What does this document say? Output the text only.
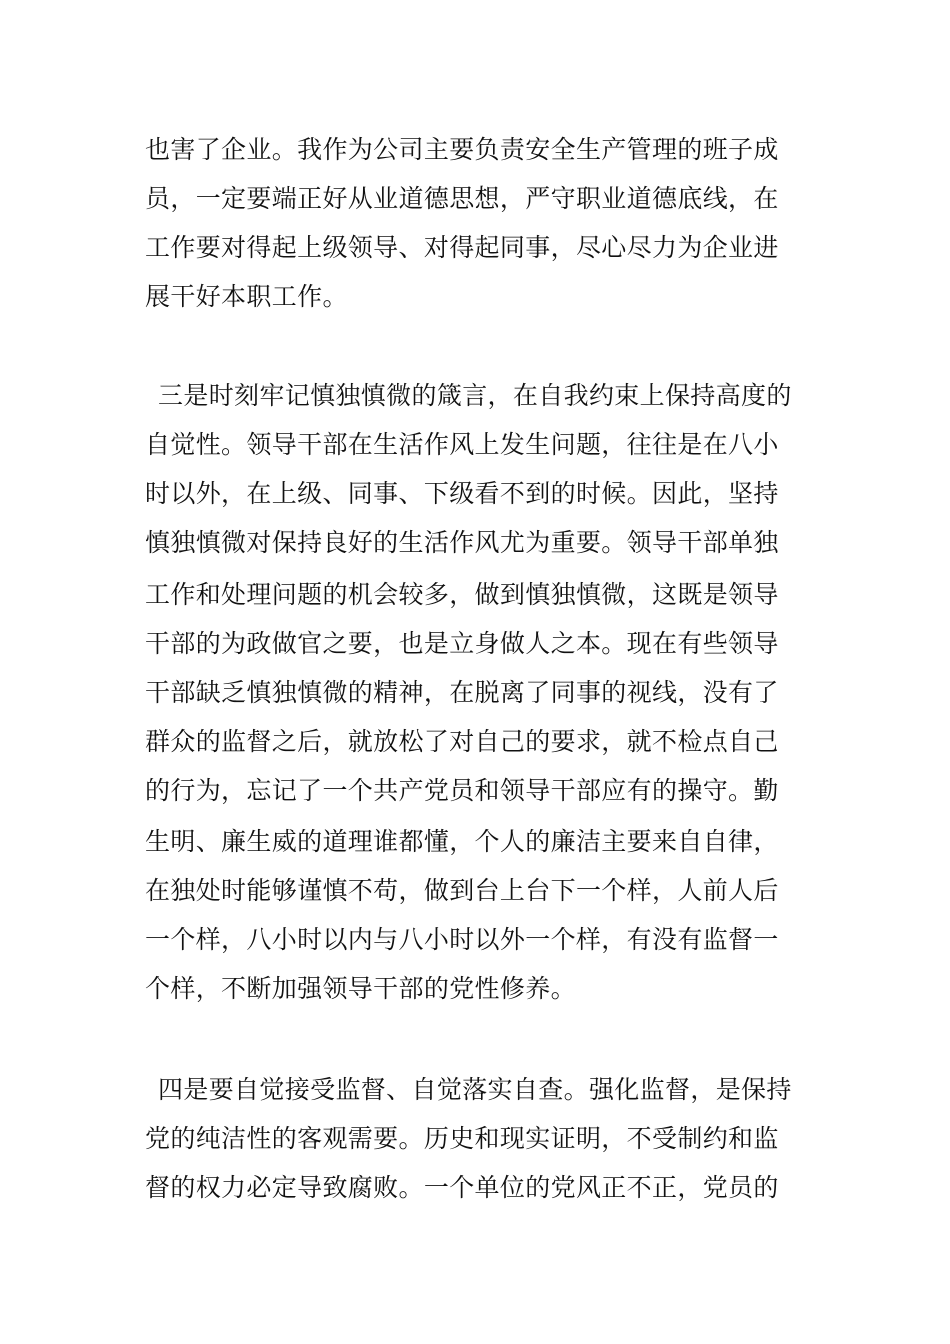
也害了企业。我作为公司主要负责安全生产管理的班子成
员，一定要端正好从业道德思想，严守职业道德底线，在
工作要对得起上级领导、对得起同事，尽心尽力为企业进
展干好本职工作。
三是时刻牢记慎独慎微的箴言，在自我约束上保持高度的
自觉性。领导干部在生活作风上发生问题，往往是在八小
时以外，在上级、同事、下级看不到的时候。因此，坚持
慎独慎微对保持良好的生活作风尤为重要。领导干部单独
工作和处理问题的机会较多，做到慎独慎微，这既是领导
干部的为政做官之要，也是立身做人之本。现在有些领导
干部缺乏慎独慎微的精神，在脱离了同事的视线，没有了
群众的监督之后，就放松了对自己的要求，就不检点自己
的行为，忘记了一个共产党员和领导干部应有的操守。勤
生明、廉生威的道理谁都懂，个人的廉洁主要来自自律，
在独处时能够谨慎不苟，做到台上台下一个样，人前人后
一个样，八小时以内与八小时以外一个样，有没有监督一
个样，不断加强领导干部的党性修养。
四是要自觉接受监督、自觉落实自查。强化监督，是保持
党的纯洁性的客观需要。历史和现实证明，不受制约和监
督的权力必定导致腐败。一个单位的党风正不正，党员的
